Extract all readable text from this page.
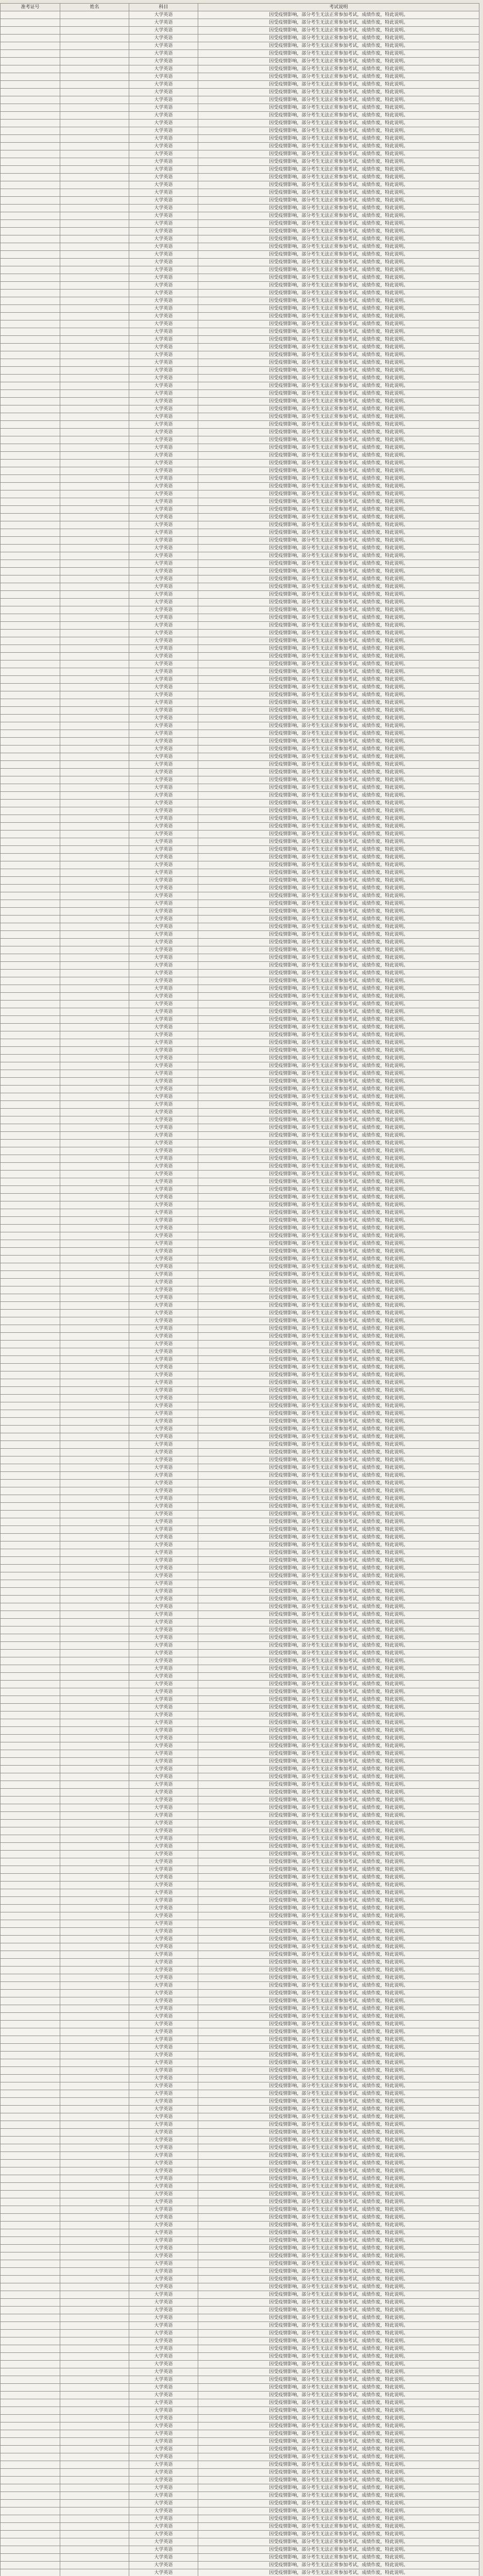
准考证号	姓名	科目	考试说明
		大学英语	因受疫情影响，部分考生无法正常参加考试，成绩作废，特此说明。
		大学英语	因受疫情影响，部分考生无法正常参加考试，成绩作废，特此说明。
		大学英语	因受疫情影响，部分考生无法正常参加考试，成绩作废，特此说明。
		大学英语	因受疫情影响，部分考生无法正常参加考试，成绩作废，特此说明。
		大学英语	因受疫情影响，部分考生无法正常参加考试，成绩作废，特此说明。
		大学英语	因受疫情影响，部分考生无法正常参加考试，成绩作废，特此说明。
		大学英语	因受疫情影响，部分考生无法正常参加考试，成绩作废，特此说明。
		大学英语	因受疫情影响，部分考生无法正常参加考试，成绩作废，特此说明。
		大学英语	因受疫情影响，部分考生无法正常参加考试，成绩作废，特此说明。
		大学英语	因受疫情影响，部分考生无法正常参加考试，成绩作废，特此说明。
		大学英语	因受疫情影响，部分考生无法正常参加考试，成绩作废，特此说明。
		大学英语	因受疫情影响，部分考生无法正常参加考试，成绩作废，特此说明。
		大学英语	因受疫情影响，部分考生无法正常参加考试，成绩作废，特此说明。
		大学英语	因受疫情影响，部分考生无法正常参加考试，成绩作废，特此说明。
		大学英语	因受疫情影响，部分考生无法正常参加考试，成绩作废，特此说明。
		大学英语	因受疫情影响，部分考生无法正常参加考试，成绩作废，特此说明。
		大学英语	因受疫情影响，部分考生无法正常参加考试，成绩作废，特此说明。
		大学英语	因受疫情影响，部分考生无法正常参加考试，成绩作废，特此说明。
		大学英语	因受疫情影响，部分考生无法正常参加考试，成绩作废，特此说明。
		大学英语	因受疫情影响，部分考生无法正常参加考试，成绩作废，特此说明。
		大学英语	因受疫情影响，部分考生无法正常参加考试，成绩作废，特此说明。
		大学英语	因受疫情影响，部分考生无法正常参加考试，成绩作废，特此说明。
		大学英语	因受疫情影响，部分考生无法正常参加考试，成绩作废，特此说明。
		大学英语	因受疫情影响，部分考生无法正常参加考试，成绩作废，特此说明。
		大学英语	因受疫情影响，部分考生无法正常参加考试，成绩作废，特此说明。
		大学英语	因受疫情影响，部分考生无法正常参加考试，成绩作废，特此说明。
		大学英语	因受疫情影响，部分考生无法正常参加考试，成绩作废，特此说明。
		大学英语	因受疫情影响，部分考生无法正常参加考试，成绩作废，特此说明。
		大学英语	因受疫情影响，部分考生无法正常参加考试，成绩作废，特此说明。
		大学英语	因受疫情影响，部分考生无法正常参加考试，成绩作废，特此说明。
		大学英语	因受疫情影响，部分考生无法正常参加考试，成绩作废，特此说明。
		大学英语	因受疫情影响，部分考生无法正常参加考试，成绩作废，特此说明。
		大学英语	因受疫情影响，部分考生无法正常参加考试，成绩作废，特此说明。
		大学英语	因受疫情影响，部分考生无法正常参加考试，成绩作废，特此说明。
		大学英语	因受疫情影响，部分考生无法正常参加考试，成绩作废，特此说明。
		大学英语	因受疫情影响，部分考生无法正常参加考试，成绩作废，特此说明。
		大学英语	因受疫情影响，部分考生无法正常参加考试，成绩作废，特此说明。
		大学英语	因受疫情影响，部分考生无法正常参加考试，成绩作废，特此说明。
		大学英语	因受疫情影响，部分考生无法正常参加考试，成绩作废，特此说明。
		大学英语	因受疫情影响，部分考生无法正常参加考试，成绩作废，特此说明。
		大学英语	因受疫情影响，部分考生无法正常参加考试，成绩作废，特此说明。
		大学英语	因受疫情影响，部分考生无法正常参加考试，成绩作废，特此说明。
		大学英语	因受疫情影响，部分考生无法正常参加考试，成绩作废，特此说明。
		大学英语	因受疫情影响，部分考生无法正常参加考试，成绩作废，特此说明。
		大学英语	因受疫情影响，部分考生无法正常参加考试，成绩作废，特此说明。
		大学英语	因受疫情影响，部分考生无法正常参加考试，成绩作废，特此说明。
		大学英语	因受疫情影响，部分考生无法正常参加考试，成绩作废，特此说明。
		大学英语	因受疫情影响，部分考生无法正常参加考试，成绩作废，特此说明。
		大学英语	因受疫情影响，部分考生无法正常参加考试，成绩作废，特此说明。
		大学英语	因受疫情影响，部分考生无法正常参加考试，成绩作废，特此说明。
		大学英语	因受疫情影响，部分考生无法正常参加考试，成绩作废，特此说明。
		大学英语	因受疫情影响，部分考生无法正常参加考试，成绩作废，特此说明。
		大学英语	因受疫情影响，部分考生无法正常参加考试，成绩作废，特此说明。
		大学英语	因受疫情影响，部分考生无法正常参加考试，成绩作废，特此说明。
		大学英语	因受疫情影响，部分考生无法正常参加考试，成绩作废，特此说明。
		大学英语	因受疫情影响，部分考生无法正常参加考试，成绩作废，特此说明。
		大学英语	因受疫情影响，部分考生无法正常参加考试，成绩作废，特此说明。
		大学英语	因受疫情影响，部分考生无法正常参加考试，成绩作废，特此说明。
		大学英语	因受疫情影响，部分考生无法正常参加考试，成绩作废，特此说明。
		大学英语	因受疫情影响，部分考生无法正常参加考试，成绩作废，特此说明。
		大学英语	因受疫情影响，部分考生无法正常参加考试，成绩作废，特此说明。
		大学英语	因受疫情影响，部分考生无法正常参加考试，成绩作废，特此说明。
		大学英语	因受疫情影响，部分考生无法正常参加考试，成绩作废，特此说明。
		大学英语	因受疫情影响，部分考生无法正常参加考试，成绩作废，特此说明。
		大学英语	因受疫情影响，部分考生无法正常参加考试，成绩作废，特此说明。
		大学英语	因受疫情影响，部分考生无法正常参加考试，成绩作废，特此说明。
		大学英语	因受疫情影响，部分考生无法正常参加考试，成绩作废，特此说明。
		大学英语	因受疫情影响，部分考生无法正常参加考试，成绩作废，特此说明。
		大学英语	因受疫情影响，部分考生无法正常参加考试，成绩作废，特此说明。
		大学英语	因受疫情影响，部分考生无法正常参加考试，成绩作废，特此说明。
		大学英语	因受疫情影响，部分考生无法正常参加考试，成绩作废，特此说明。
		大学英语	因受疫情影响，部分考生无法正常参加考试，成绩作废，特此说明。
		大学英语	因受疫情影响，部分考生无法正常参加考试，成绩作废，特此说明。
		大学英语	因受疫情影响，部分考生无法正常参加考试，成绩作废，特此说明。
		大学英语	因受疫情影响，部分考生无法正常参加考试，成绩作废，特此说明。
		大学英语	因受疫情影响，部分考生无法正常参加考试，成绩作废，特此说明。
		大学英语	因受疫情影响，部分考生无法正常参加考试，成绩作废，特此说明。
		大学英语	因受疫情影响，部分考生无法正常参加考试，成绩作废，特此说明。
		大学英语	因受疫情影响，部分考生无法正常参加考试，成绩作废，特此说明。
		大学英语	因受疫情影响，部分考生无法正常参加考试，成绩作废，特此说明。
		大学英语	因受疫情影响，部分考生无法正常参加考试，成绩作废，特此说明。
		大学英语	因受疫情影响，部分考生无法正常参加考试，成绩作废，特此说明。
		大学英语	因受疫情影响，部分考生无法正常参加考试，成绩作废，特此说明。
		大学英语	因受疫情影响，部分考生无法正常参加考试，成绩作废，特此说明。
		大学英语	因受疫情影响，部分考生无法正常参加考试，成绩作废，特此说明。
		大学英语	因受疫情影响，部分考生无法正常参加考试，成绩作废，特此说明。
		大学英语	因受疫情影响，部分考生无法正常参加考试，成绩作废，特此说明。
		大学英语	因受疫情影响，部分考生无法正常参加考试，成绩作废，特此说明。
		大学英语	因受疫情影响，部分考生无法正常参加考试，成绩作废，特此说明。
		大学英语	因受疫情影响，部分考生无法正常参加考试，成绩作废，特此说明。
		大学英语	因受疫情影响，部分考生无法正常参加考试，成绩作废，特此说明。
		大学英语	因受疫情影响，部分考生无法正常参加考试，成绩作废，特此说明。
		大学英语	因受疫情影响，部分考生无法正常参加考试，成绩作废，特此说明。
		大学英语	因受疫情影响，部分考生无法正常参加考试，成绩作废，特此说明。
		大学英语	因受疫情影响，部分考生无法正常参加考试，成绩作废，特此说明。
		大学英语	因受疫情影响，部分考生无法正常参加考试，成绩作废，特此说明。
		大学英语	因受疫情影响，部分考生无法正常参加考试，成绩作废，特此说明。
		大学英语	因受疫情影响，部分考生无法正常参加考试，成绩作废，特此说明。
		大学英语	因受疫情影响，部分考生无法正常参加考试，成绩作废，特此说明。
		大学英语	因受疫情影响，部分考生无法正常参加考试，成绩作废，特此说明。
		大学英语	因受疫情影响，部分考生无法正常参加考试，成绩作废，特此说明。
		大学英语	因受疫情影响，部分考生无法正常参加考试，成绩作废，特此说明。
		大学英语	因受疫情影响，部分考生无法正常参加考试，成绩作废，特此说明。
		大学英语	因受疫情影响，部分考生无法正常参加考试，成绩作废，特此说明。
		大学英语	因受疫情影响，部分考生无法正常参加考试，成绩作废，特此说明。
		大学英语	因受疫情影响，部分考生无法正常参加考试，成绩作废，特此说明。
		大学英语	因受疫情影响，部分考生无法正常参加考试，成绩作废，特此说明。
		大学英语	因受疫情影响，部分考生无法正常参加考试，成绩作废，特此说明。
		大学英语	因受疫情影响，部分考生无法正常参加考试，成绩作废，特此说明。
		大学英语	因受疫情影响，部分考生无法正常参加考试，成绩作废，特此说明。
		大学英语	因受疫情影响，部分考生无法正常参加考试，成绩作废，特此说明。
		大学英语	因受疫情影响，部分考生无法正常参加考试，成绩作废，特此说明。
		大学英语	因受疫情影响，部分考生无法正常参加考试，成绩作废，特此说明。
		大学英语	因受疫情影响，部分考生无法正常参加考试，成绩作废，特此说明。
		大学英语	因受疫情影响，部分考生无法正常参加考试，成绩作废，特此说明。
		大学英语	因受疫情影响，部分考生无法正常参加考试，成绩作废，特此说明。
		大学英语	因受疫情影响，部分考生无法正常参加考试，成绩作废，特此说明。
		大学英语	因受疫情影响，部分考生无法正常参加考试，成绩作废，特此说明。
		大学英语	因受疫情影响，部分考生无法正常参加考试，成绩作废，特此说明。
		大学英语	因受疫情影响，部分考生无法正常参加考试，成绩作废，特此说明。
		大学英语	因受疫情影响，部分考生无法正常参加考试，成绩作废，特此说明。
		大学英语	因受疫情影响，部分考生无法正常参加考试，成绩作废，特此说明。
		大学英语	因受疫情影响，部分考生无法正常参加考试，成绩作废，特此说明。
		大学英语	因受疫情影响，部分考生无法正常参加考试，成绩作废，特此说明。
		大学英语	因受疫情影响，部分考生无法正常参加考试，成绩作废，特此说明。
		大学英语	因受疫情影响，部分考生无法正常参加考试，成绩作废，特此说明。
		大学英语	因受疫情影响，部分考生无法正常参加考试，成绩作废，特此说明。
		大学英语	因受疫情影响，部分考生无法正常参加考试，成绩作废，特此说明。
		大学英语	因受疫情影响，部分考生无法正常参加考试，成绩作废，特此说明。
		大学英语	因受疫情影响，部分考生无法正常参加考试，成绩作废，特此说明。
		大学英语	因受疫情影响，部分考生无法正常参加考试，成绩作废，特此说明。
		大学英语	因受疫情影响，部分考生无法正常参加考试，成绩作废，特此说明。
		大学英语	因受疫情影响，部分考生无法正常参加考试，成绩作废，特此说明。
		大学英语	因受疫情影响，部分考生无法正常参加考试，成绩作废，特此说明。
		大学英语	因受疫情影响，部分考生无法正常参加考试，成绩作废，特此说明。
		大学英语	因受疫情影响，部分考生无法正常参加考试，成绩作废，特此说明。
		大学英语	因受疫情影响，部分考生无法正常参加考试，成绩作废，特此说明。
		大学英语	因受疫情影响，部分考生无法正常参加考试，成绩作废，特此说明。
		大学英语	因受疫情影响，部分考生无法正常参加考试，成绩作废，特此说明。
		大学英语	因受疫情影响，部分考生无法正常参加考试，成绩作废，特此说明。
		大学英语	因受疫情影响，部分考生无法正常参加考试，成绩作废，特此说明。
		大学英语	因受疫情影响，部分考生无法正常参加考试，成绩作废，特此说明。
		大学英语	因受疫情影响，部分考生无法正常参加考试，成绩作废，特此说明。
		大学英语	因受疫情影响，部分考生无法正常参加考试，成绩作废，特此说明。
		大学英语	因受疫情影响，部分考生无法正常参加考试，成绩作废，特此说明。
		大学英语	因受疫情影响，部分考生无法正常参加考试，成绩作废，特此说明。
		大学英语	因受疫情影响，部分考生无法正常参加考试，成绩作废，特此说明。
		大学英语	因受疫情影响，部分考生无法正常参加考试，成绩作废，特此说明。
		大学英语	因受疫情影响，部分考生无法正常参加考试，成绩作废，特此说明。
		大学英语	因受疫情影响，部分考生无法正常参加考试，成绩作废，特此说明。
		大学英语	因受疫情影响，部分考生无法正常参加考试，成绩作废，特此说明。
		大学英语	因受疫情影响，部分考生无法正常参加考试，成绩作废，特此说明。
		大学英语	因受疫情影响，部分考生无法正常参加考试，成绩作废，特此说明。
		大学英语	因受疫情影响，部分考生无法正常参加考试，成绩作废，特此说明。
		大学英语	因受疫情影响，部分考生无法正常参加考试，成绩作废，特此说明。
		大学英语	因受疫情影响，部分考生无法正常参加考试，成绩作废，特此说明。
		大学英语	因受疫情影响，部分考生无法正常参加考试，成绩作废，特此说明。
		大学英语	因受疫情影响，部分考生无法正常参加考试，成绩作废，特此说明。
		大学英语	因受疫情影响，部分考生无法正常参加考试，成绩作废，特此说明。
		大学英语	因受疫情影响，部分考生无法正常参加考试，成绩作废，特此说明。
		大学英语	因受疫情影响，部分考生无法正常参加考试，成绩作废，特此说明。
		大学英语	因受疫情影响，部分考生无法正常参加考试，成绩作废，特此说明。
		大学英语	因受疫情影响，部分考生无法正常参加考试，成绩作废，特此说明。
		大学英语	因受疫情影响，部分考生无法正常参加考试，成绩作废，特此说明。
		大学英语	因受疫情影响，部分考生无法正常参加考试，成绩作废，特此说明。
		大学英语	因受疫情影响，部分考生无法正常参加考试，成绩作废，特此说明。
		大学英语	因受疫情影响，部分考生无法正常参加考试，成绩作废，特此说明。
		大学英语	因受疫情影响，部分考生无法正常参加考试，成绩作废，特此说明。
		大学英语	因受疫情影响，部分考生无法正常参加考试，成绩作废，特此说明。
		大学英语	因受疫情影响，部分考生无法正常参加考试，成绩作废，特此说明。
		大学英语	因受疫情影响，部分考生无法正常参加考试，成绩作废，特此说明。
		大学英语	因受疫情影响，部分考生无法正常参加考试，成绩作废，特此说明。
		大学英语	因受疫情影响，部分考生无法正常参加考试，成绩作废，特此说明。
		大学英语	因受疫情影响，部分考生无法正常参加考试，成绩作废，特此说明。
		大学英语	因受疫情影响，部分考生无法正常参加考试，成绩作废，特此说明。
		大学英语	因受疫情影响，部分考生无法正常参加考试，成绩作废，特此说明。
		大学英语	因受疫情影响，部分考生无法正常参加考试，成绩作废，特此说明。
		大学英语	因受疫情影响，部分考生无法正常参加考试，成绩作废，特此说明。
		大学英语	因受疫情影响，部分考生无法正常参加考试，成绩作废，特此说明。
		大学英语	因受疫情影响，部分考生无法正常参加考试，成绩作废，特此说明。
		大学英语	因受疫情影响，部分考生无法正常参加考试，成绩作废，特此说明。
		大学英语	因受疫情影响，部分考生无法正常参加考试，成绩作废，特此说明。
		大学英语	因受疫情影响，部分考生无法正常参加考试，成绩作废，特此说明。
		大学英语	因受疫情影响，部分考生无法正常参加考试，成绩作废，特此说明。
		大学英语	因受疫情影响，部分考生无法正常参加考试，成绩作废，特此说明。
		大学英语	因受疫情影响，部分考生无法正常参加考试，成绩作废，特此说明。
		大学英语	因受疫情影响，部分考生无法正常参加考试，成绩作废，特此说明。
		大学英语	因受疫情影响，部分考生无法正常参加考试，成绩作废，特此说明。
		大学英语	因受疫情影响，部分考生无法正常参加考试，成绩作废，特此说明。
		大学英语	因受疫情影响，部分考生无法正常参加考试，成绩作废，特此说明。
		大学英语	因受疫情影响，部分考生无法正常参加考试，成绩作废，特此说明。
		大学英语	因受疫情影响，部分考生无法正常参加考试，成绩作废，特此说明。
		大学英语	因受疫情影响，部分考生无法正常参加考试，成绩作废，特此说明。
		大学英语	因受疫情影响，部分考生无法正常参加考试，成绩作废，特此说明。
		大学英语	因受疫情影响，部分考生无法正常参加考试，成绩作废，特此说明。
		大学英语	因受疫情影响，部分考生无法正常参加考试，成绩作废，特此说明。
		大学英语	因受疫情影响，部分考生无法正常参加考试，成绩作废，特此说明。
		大学英语	因受疫情影响，部分考生无法正常参加考试，成绩作废，特此说明。
		大学英语	因受疫情影响，部分考生无法正常参加考试，成绩作废，特此说明。
		大学英语	因受疫情影响，部分考生无法正常参加考试，成绩作废，特此说明。
		大学英语	因受疫情影响，部分考生无法正常参加考试，成绩作废，特此说明。
		大学英语	因受疫情影响，部分考生无法正常参加考试，成绩作废，特此说明。
		大学英语	因受疫情影响，部分考生无法正常参加考试，成绩作废，特此说明。
		大学英语	因受疫情影响，部分考生无法正常参加考试，成绩作废，特此说明。
		大学英语	因受疫情影响，部分考生无法正常参加考试，成绩作废，特此说明。
		大学英语	因受疫情影响，部分考生无法正常参加考试，成绩作废，特此说明。
		大学英语	因受疫情影响，部分考生无法正常参加考试，成绩作废，特此说明。
		大学英语	因受疫情影响，部分考生无法正常参加考试，成绩作废，特此说明。
		大学英语	因受疫情影响，部分考生无法正常参加考试，成绩作废，特此说明。
		大学英语	因受疫情影响，部分考生无法正常参加考试，成绩作废，特此说明。
		大学英语	因受疫情影响，部分考生无法正常参加考试，成绩作废，特此说明。
		大学英语	因受疫情影响，部分考生无法正常参加考试，成绩作废，特此说明。
		大学英语	因受疫情影响，部分考生无法正常参加考试，成绩作废，特此说明。
		大学英语	因受疫情影响，部分考生无法正常参加考试，成绩作废，特此说明。
		大学英语	因受疫情影响，部分考生无法正常参加考试，成绩作废，特此说明。
		大学英语	因受疫情影响，部分考生无法正常参加考试，成绩作废，特此说明。
		大学英语	因受疫情影响，部分考生无法正常参加考试，成绩作废，特此说明。
		大学英语	因受疫情影响，部分考生无法正常参加考试，成绩作废，特此说明。
		大学英语	因受疫情影响，部分考生无法正常参加考试，成绩作废，特此说明。
		大学英语	因受疫情影响，部分考生无法正常参加考试，成绩作废，特此说明。
		大学英语	因受疫情影响，部分考生无法正常参加考试，成绩作废，特此说明。
		大学英语	因受疫情影响，部分考生无法正常参加考试，成绩作废，特此说明。
		大学英语	因受疫情影响，部分考生无法正常参加考试，成绩作废，特此说明。
		大学英语	因受疫情影响，部分考生无法正常参加考试，成绩作废，特此说明。
		大学英语	因受疫情影响，部分考生无法正常参加考试，成绩作废，特此说明。
		大学英语	因受疫情影响，部分考生无法正常参加考试，成绩作废，特此说明。
		大学英语	因受疫情影响，部分考生无法正常参加考试，成绩作废，特此说明。
		大学英语	因受疫情影响，部分考生无法正常参加考试，成绩作废，特此说明。
		大学英语	因受疫情影响，部分考生无法正常参加考试，成绩作废，特此说明。
		大学英语	因受疫情影响，部分考生无法正常参加考试，成绩作废，特此说明。
		大学英语	因受疫情影响，部分考生无法正常参加考试，成绩作废，特此说明。
		大学英语	因受疫情影响，部分考生无法正常参加考试，成绩作废，特此说明。
		大学英语	因受疫情影响，部分考生无法正常参加考试，成绩作废，特此说明。
		大学英语	因受疫情影响，部分考生无法正常参加考试，成绩作废，特此说明。
		大学英语	因受疫情影响，部分考生无法正常参加考试，成绩作废，特此说明。
		大学英语	因受疫情影响，部分考生无法正常参加考试，成绩作废，特此说明。
		大学英语	因受疫情影响，部分考生无法正常参加考试，成绩作废，特此说明。
		大学英语	因受疫情影响，部分考生无法正常参加考试，成绩作废，特此说明。
		大学英语	因受疫情影响，部分考生无法正常参加考试，成绩作废，特此说明。
		大学英语	因受疫情影响，部分考生无法正常参加考试，成绩作废，特此说明。
		大学英语	因受疫情影响，部分考生无法正常参加考试，成绩作废，特此说明。
		大学英语	因受疫情影响，部分考生无法正常参加考试，成绩作废，特此说明。
		大学英语	因受疫情影响，部分考生无法正常参加考试，成绩作废，特此说明。
		大学英语	因受疫情影响，部分考生无法正常参加考试，成绩作废，特此说明。
		大学英语	因受疫情影响，部分考生无法正常参加考试，成绩作废，特此说明。
		大学英语	因受疫情影响，部分考生无法正常参加考试，成绩作废，特此说明。
		大学英语	因受疫情影响，部分考生无法正常参加考试，成绩作废，特此说明。
		大学英语	因受疫情影响，部分考生无法正常参加考试，成绩作废，特此说明。
		大学英语	因受疫情影响，部分考生无法正常参加考试，成绩作废，特此说明。
		大学英语	因受疫情影响，部分考生无法正常参加考试，成绩作废，特此说明。
		大学英语	因受疫情影响，部分考生无法正常参加考试，成绩作废，特此说明。
		大学英语	因受疫情影响，部分考生无法正常参加考试，成绩作废，特此说明。
		大学英语	因受疫情影响，部分考生无法正常参加考试，成绩作废，特此说明。
		大学英语	因受疫情影响，部分考生无法正常参加考试，成绩作废，特此说明。
		大学英语	因受疫情影响，部分考生无法正常参加考试，成绩作废，特此说明。
		大学英语	因受疫情影响，部分考生无法正常参加考试，成绩作废，特此说明。
		大学英语	因受疫情影响，部分考生无法正常参加考试，成绩作废，特此说明。
		大学英语	因受疫情影响，部分考生无法正常参加考试，成绩作废，特此说明。
		大学英语	因受疫情影响，部分考生无法正常参加考试，成绩作废，特此说明。
		大学英语	因受疫情影响，部分考生无法正常参加考试，成绩作废，特此说明。
		大学英语	因受疫情影响，部分考生无法正常参加考试，成绩作废，特此说明。
		大学英语	因受疫情影响，部分考生无法正常参加考试，成绩作废，特此说明。
		大学英语	因受疫情影响，部分考生无法正常参加考试，成绩作废，特此说明。
		大学英语	因受疫情影响，部分考生无法正常参加考试，成绩作废，特此说明。
		大学英语	因受疫情影响，部分考生无法正常参加考试，成绩作废，特此说明。
		大学英语	因受疫情影响，部分考生无法正常参加考试，成绩作废，特此说明。
		大学英语	因受疫情影响，部分考生无法正常参加考试，成绩作废，特此说明。
		大学英语	因受疫情影响，部分考生无法正常参加考试，成绩作废，特此说明。
		大学英语	因受疫情影响，部分考生无法正常参加考试，成绩作废，特此说明。
		大学英语	因受疫情影响，部分考生无法正常参加考试，成绩作废，特此说明。
		大学英语	因受疫情影响，部分考生无法正常参加考试，成绩作废，特此说明。
		大学英语	因受疫情影响，部分考生无法正常参加考试，成绩作废，特此说明。
		大学英语	因受疫情影响，部分考生无法正常参加考试，成绩作废，特此说明。
		大学英语	因受疫情影响，部分考生无法正常参加考试，成绩作废，特此说明。
		大学英语	因受疫情影响，部分考生无法正常参加考试，成绩作废，特此说明。
		大学英语	因受疫情影响，部分考生无法正常参加考试，成绩作废，特此说明。
		大学英语	因受疫情影响，部分考生无法正常参加考试，成绩作废，特此说明。
		大学英语	因受疫情影响，部分考生无法正常参加考试，成绩作废，特此说明。
		大学英语	因受疫情影响，部分考生无法正常参加考试，成绩作废，特此说明。
		大学英语	因受疫情影响，部分考生无法正常参加考试，成绩作废，特此说明。
		大学英语	因受疫情影响，部分考生无法正常参加考试，成绩作废，特此说明。
		大学英语	因受疫情影响，部分考生无法正常参加考试，成绩作废，特此说明。
		大学英语	因受疫情影响，部分考生无法正常参加考试，成绩作废，特此说明。
		大学英语	因受疫情影响，部分考生无法正常参加考试，成绩作废，特此说明。
		大学英语	因受疫情影响，部分考生无法正常参加考试，成绩作废，特此说明。
		大学英语	因受疫情影响，部分考生无法正常参加考试，成绩作废，特此说明。
		大学英语	因受疫情影响，部分考生无法正常参加考试，成绩作废，特此说明。
		大学英语	因受疫情影响，部分考生无法正常参加考试，成绩作废，特此说明。
		大学英语	因受疫情影响，部分考生无法正常参加考试，成绩作废，特此说明。
		大学英语	因受疫情影响，部分考生无法正常参加考试，成绩作废，特此说明。
		大学英语	因受疫情影响，部分考生无法正常参加考试，成绩作废，特此说明。
		大学英语	因受疫情影响，部分考生无法正常参加考试，成绩作废，特此说明。
		大学英语	因受疫情影响，部分考生无法正常参加考试，成绩作废，特此说明。
		大学英语	因受疫情影响，部分考生无法正常参加考试，成绩作废，特此说明。
		大学英语	因受疫情影响，部分考生无法正常参加考试，成绩作废，特此说明。
		大学英语	因受疫情影响，部分考生无法正常参加考试，成绩作废，特此说明。
		大学英语	因受疫情影响，部分考生无法正常参加考试，成绩作废，特此说明。
		大学英语	因受疫情影响，部分考生无法正常参加考试，成绩作废，特此说明。
		大学英语	因受疫情影响，部分考生无法正常参加考试，成绩作废，特此说明。
		大学英语	因受疫情影响，部分考生无法正常参加考试，成绩作废，特此说明。
		大学英语	因受疫情影响，部分考生无法正常参加考试，成绩作废，特此说明。
		大学英语	因受疫情影响，部分考生无法正常参加考试，成绩作废，特此说明。
		大学英语	因受疫情影响，部分考生无法正常参加考试，成绩作废，特此说明。
		大学英语	因受疫情影响，部分考生无法正常参加考试，成绩作废，特此说明。
		大学英语	因受疫情影响，部分考生无法正常参加考试，成绩作废，特此说明。
		大学英语	因受疫情影响，部分考生无法正常参加考试，成绩作废，特此说明。
		大学英语	因受疫情影响，部分考生无法正常参加考试，成绩作废，特此说明。
		大学英语	因受疫情影响，部分考生无法正常参加考试，成绩作废，特此说明。
		大学英语	因受疫情影响，部分考生无法正常参加考试，成绩作废，特此说明。
		大学英语	因受疫情影响，部分考生无法正常参加考试，成绩作废，特此说明。
		大学英语	因受疫情影响，部分考生无法正常参加考试，成绩作废，特此说明。
		大学英语	因受疫情影响，部分考生无法正常参加考试，成绩作废，特此说明。
		大学英语	因受疫情影响，部分考生无法正常参加考试，成绩作废，特此说明。
		大学英语	因受疫情影响，部分考生无法正常参加考试，成绩作废，特此说明。
		大学英语	因受疫情影响，部分考生无法正常参加考试，成绩作废，特此说明。
		大学英语	因受疫情影响，部分考生无法正常参加考试，成绩作废，特此说明。
		大学英语	因受疫情影响，部分考生无法正常参加考试，成绩作废，特此说明。
		大学英语	因受疫情影响，部分考生无法正常参加考试，成绩作废，特此说明。
		大学英语	因受疫情影响，部分考生无法正常参加考试，成绩作废，特此说明。
		大学英语	因受疫情影响，部分考生无法正常参加考试，成绩作废，特此说明。
		大学英语	因受疫情影响，部分考生无法正常参加考试，成绩作废，特此说明。
		大学英语	因受疫情影响，部分考生无法正常参加考试，成绩作废，特此说明。
		大学英语	因受疫情影响，部分考生无法正常参加考试，成绩作废，特此说明。
		大学英语	因受疫情影响，部分考生无法正常参加考试，成绩作废，特此说明。
		大学英语	因受疫情影响，部分考生无法正常参加考试，成绩作废，特此说明。
		大学英语	因受疫情影响，部分考生无法正常参加考试，成绩作废，特此说明。
		大学英语	因受疫情影响，部分考生无法正常参加考试，成绩作废，特此说明。
		大学英语	因受疫情影响，部分考生无法正常参加考试，成绩作废，特此说明。
		大学英语	因受疫情影响，部分考生无法正常参加考试，成绩作废，特此说明。
		大学英语	因受疫情影响，部分考生无法正常参加考试，成绩作废，特此说明。
		大学英语	因受疫情影响，部分考生无法正常参加考试，成绩作废，特此说明。
		大学英语	因受疫情影响，部分考生无法正常参加考试，成绩作废，特此说明。
